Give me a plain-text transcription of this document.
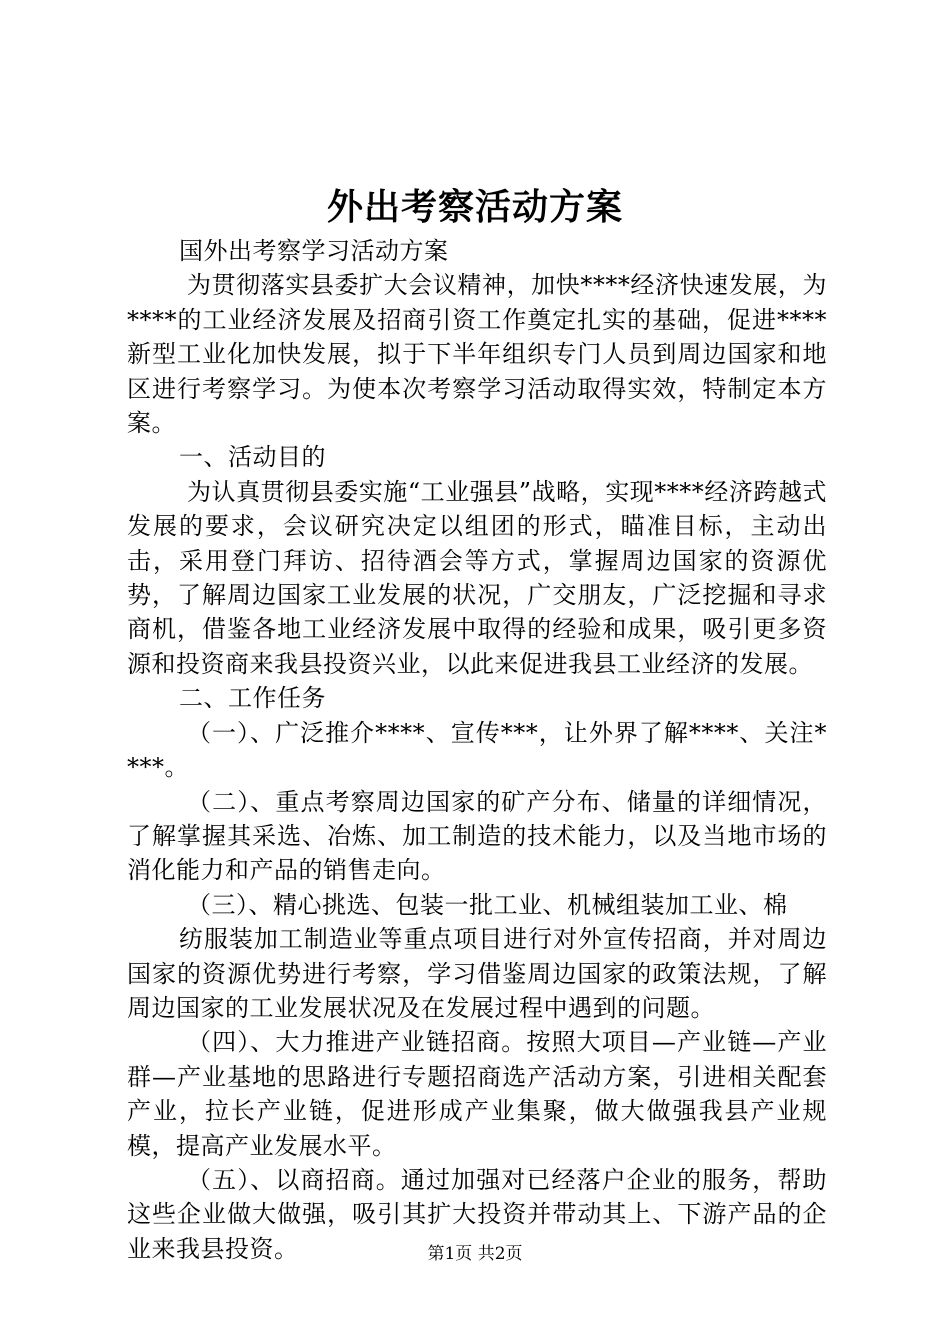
外出考察活动方案

国外出考察学习活动方案

为贯彻落实县委扩大会议精神，加快****经济快速发展，为****的工业经济发展及招商引资工作奠定扎实的基础，促进****新型工业化加快发展，拟于下半年组织专门人员到周边国家和地区进行考察学习。为使本次考察学习活动取得实效，特制定本方案。

一、活动目的

为认真贯彻县委实施“工业强县”战略，实现****经济跨越式发展的要求，会议研究决定以组团的形式，瞄准目标，主动出击，采用登门拜访、招待酒会等方式，掌握周边国家的资源优势，了解周边国家工业发展的状况，广交朋友，广泛挖掘和寻求商机，借鉴各地工业经济发展中取得的经验和成果，吸引更多资源和投资商来我县投资兴业，以此来促进我县工业经济的发展。

二、工作任务

（一）、广泛推介****、宣传***，让外界了解****、关注****。

（二）、重点考察周边国家的矿产分布、储量的详细情况，了解掌握其采选、冶炼、加工制造的技术能力，以及当地市场的消化能力和产品的销售走向。

（三）、精心挑选、包装一批工业、机械组装加工业、棉

纺服装加工制造业等重点项目进行对外宣传招商，并对周边国家的资源优势进行考察，学习借鉴周边国家的政策法规，了解周边国家的工业发展状况及在发展过程中遇到的问题。

（四）、大力推进产业链招商。按照大项目—产业链—产业群—产业基地的思路进行专题招商选产活动方案，引进相关配套产业，拉长产业链，促进形成产业集聚，做大做强我县产业规模，提高产业发展水平。

（五）、以商招商。通过加强对已经落户企业的服务，帮助这些企业做大做强，吸引其扩大投资并带动其上、下游产品的企业来我县投资。	第1页 共2页
